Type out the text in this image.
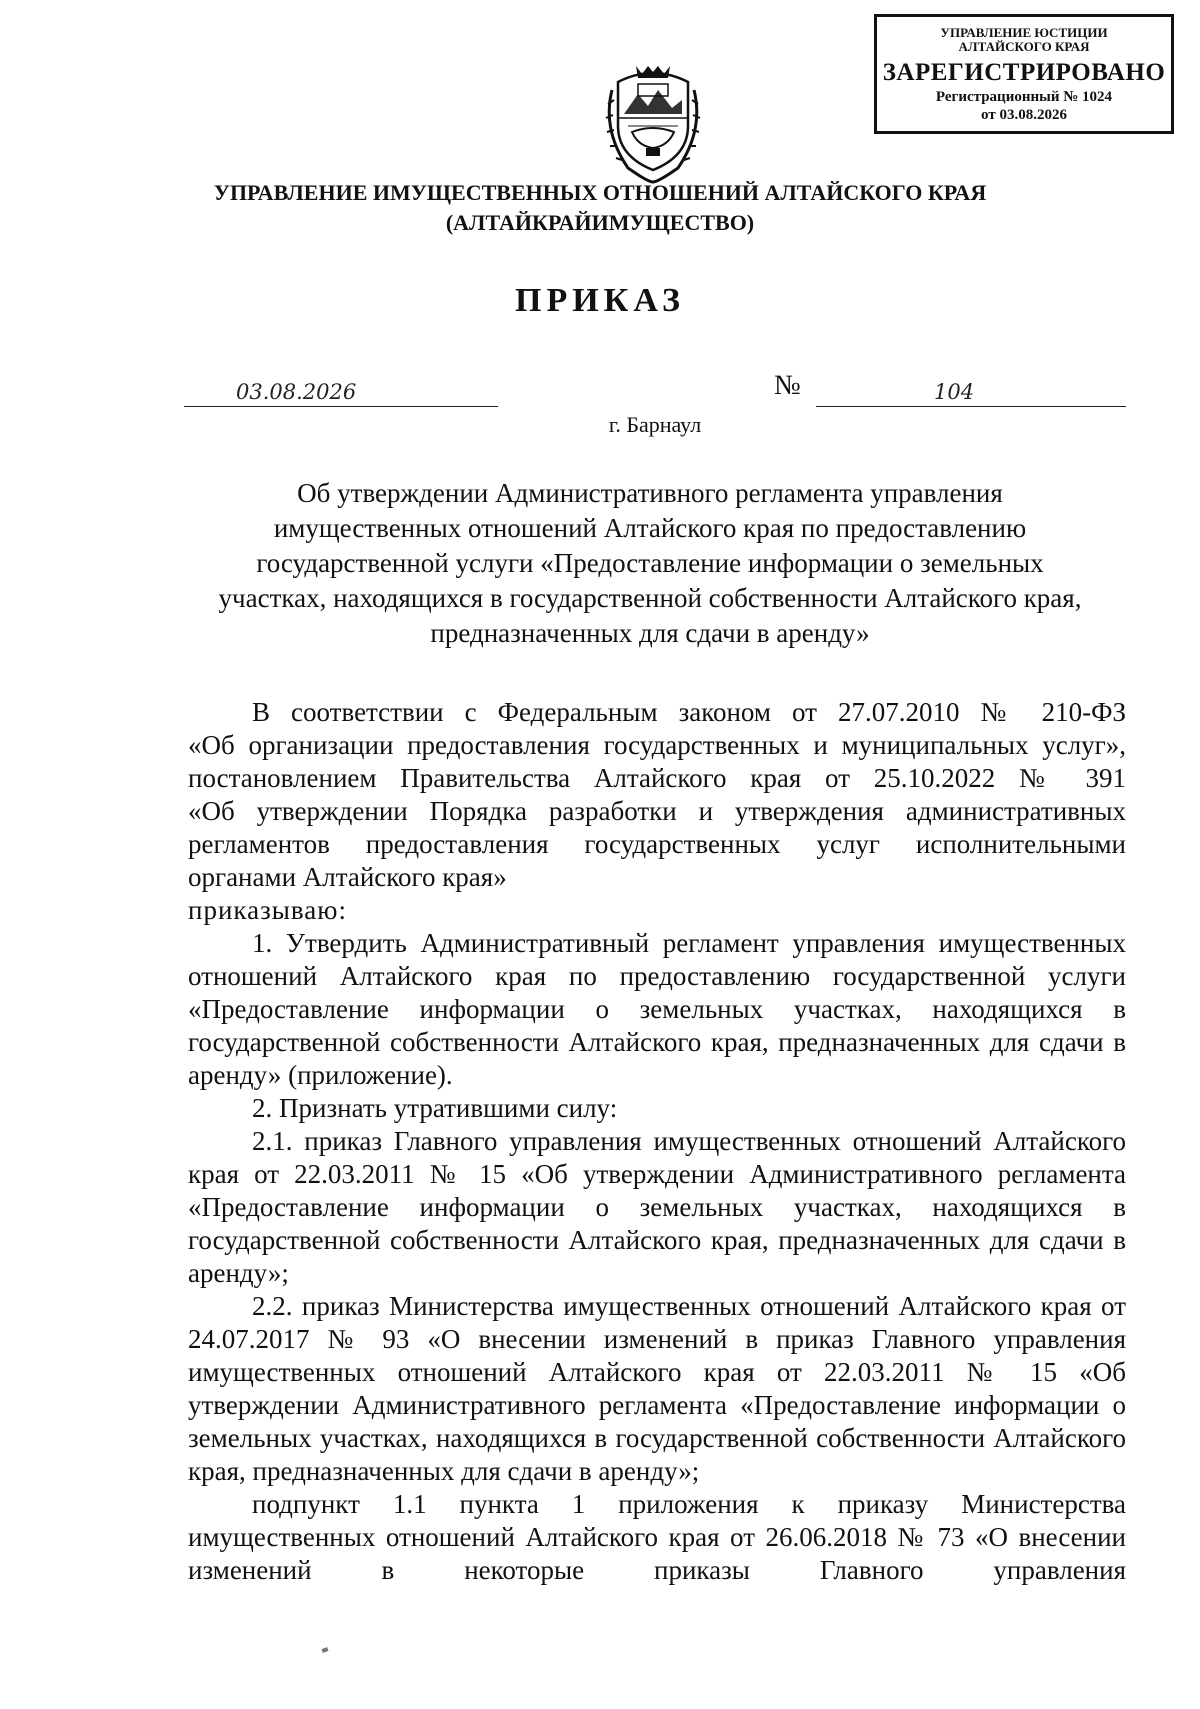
УПРАВЛЕНИЕ ЮСТИЦИИ
АЛТАЙСКОГО КРАЯ
ЗАРЕГИСТРИРОВАНО
Регистрационный № 1024
от 03.08.2026
УПРАВЛЕНИЕ ИМУЩЕСТВЕННЫХ ОТНОШЕНИЙ АЛТАЙСКОГО КРАЯ
(АЛТАЙКРАЙИМУЩЕСТВО)
ПРИКАЗ
03.08.2026	№	104
г. Барнаул

Об утверждении Административного регламента управления

имущественных отношений Алтайского края по предоставлению

государственной услуги «Предоставление информации о земельных

участках, находящихся в государственной собственности Алтайского края,

предназначенных для сдачи в аренду»

В соответствии с Федеральным законом от 27.07.2010 № 210-ФЗ

«Об организации предоставления государственных и муниципальных услуг»,

постановлением Правительства Алтайского края от 25.10.2022 № 391

«Об утверждении Порядка разработки и утверждения административных

регламентов предоставления государственных услуг исполнительными

органами Алтайского края»

приказываю:

1. Утвердить Административный регламент управления имущественных отношений Алтайского края по предоставлению государственной услуги «Предоставление информации о земельных участках, находящихся в государственной собственности Алтайского края, предназначенных для сдачи в аренду» (приложение).

2. Признать утратившими силу:

2.1. приказ Главного управления имущественных отношений Алтайского края от 22.03.2011 № 15 «Об утверждении Административного регламента «Предоставление информации о земельных участках, находящихся в государственной собственности Алтайского края, предназначенных для сдачи в аренду»;

2.2. приказ Министерства имущественных отношений Алтайского края от 24.07.2017 № 93 «О внесении изменений в приказ Главного управления имущественных отношений Алтайского края от 22.03.2011 № 15 «Об утверждении Административного регламента «Предоставление информации о земельных участках, находящихся в государственной собственности Алтайского края, предназначенных для сдачи в аренду»;

подпункт 1.1 пункта 1 приложения к приказу Министерства имущественных отношений Алтайского края от 26.06.2018 № 73 «О внесении изменений в некоторые приказы Главного управления
